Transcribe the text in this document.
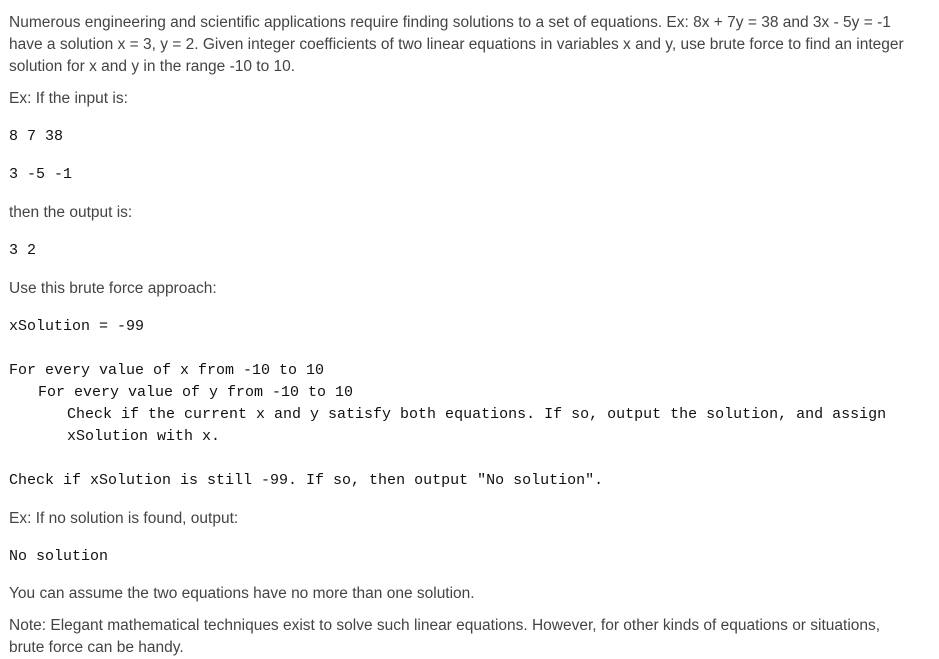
Numerous engineering and scientific applications require finding solutions to a set of equations. Ex: 8x + 7y = 38 and 3x - 5y = -1 have a solution x = 3, y = 2. Given integer coefficients of two linear equations in variables x and y, use brute force to find an integer solution for x and y in the range -10 to 10.

Ex: If the input is:

8 7 38

3 -5 -1

then the output is:

3 2

Use this brute force approach:

xSolution = -99

For every value of x from -10 to 10

For every value of y from -10 to 10

Check if the current x and y satisfy both equations. If so, output the solution, and assign xSolution with x.

Check if xSolution is still -99. If so, then output "No solution".

Ex: If no solution is found, output:

No solution

You can assume the two equations have no more than one solution.

Note: Elegant mathematical techniques exist to solve such linear equations. However, for other kinds of equations or situations, brute force can be handy.
